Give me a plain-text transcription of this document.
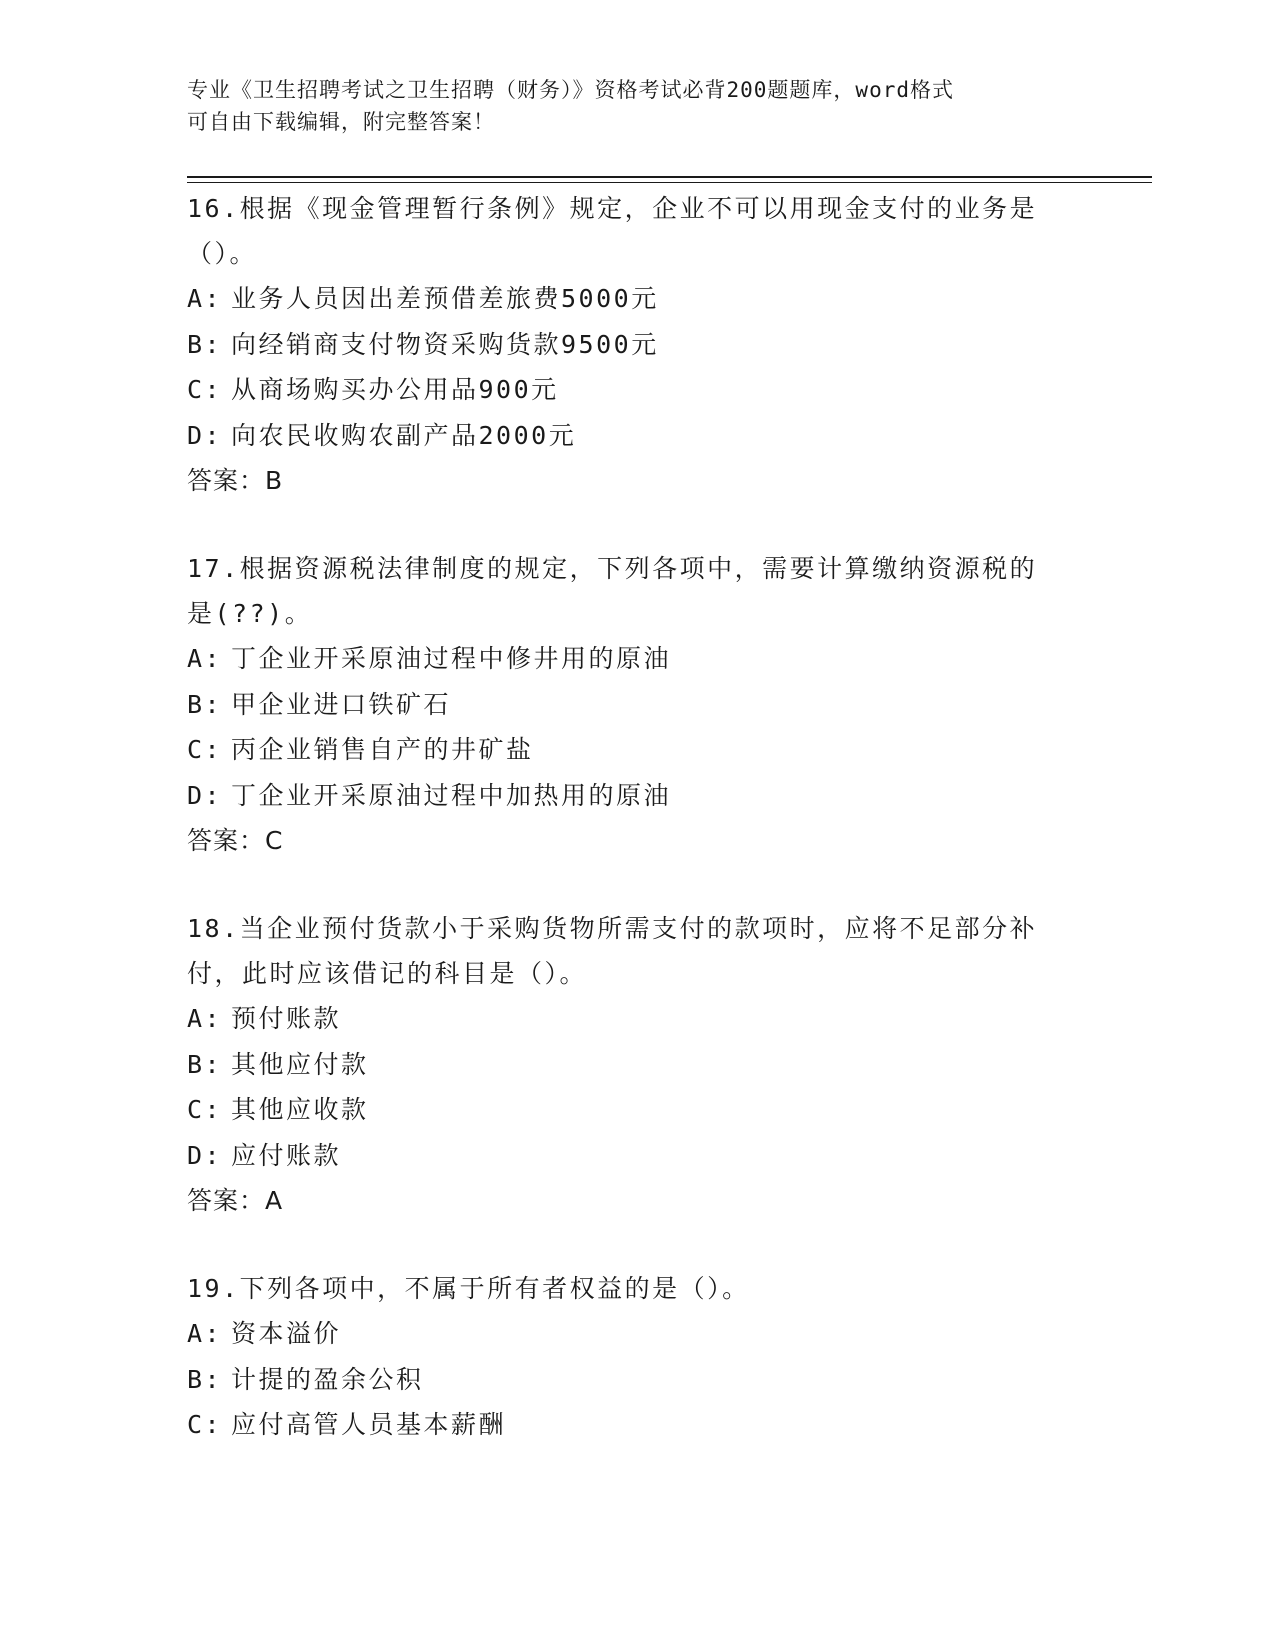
专业《卫生招聘考试之卫生招聘（财务）》资格考试必背200题题库，word格式
可自由下载编辑，附完整答案！

16.根据《现金管理暂行条例》规定，企业不可以用现金支付的业务是

（）。

A: 业务人员因出差预借差旅费5000元

B: 向经销商支付物资采购货款9500元

C: 从商场购买办公用品900元

D: 向农民收购农副产品2000元

答案：B

17.根据资源税法律制度的规定，下列各项中，需要计算缴纳资源税的

是(??)。

A: 丁企业开采原油过程中修井用的原油

B: 甲企业进口铁矿石

C: 丙企业销售自产的井矿盐

D: 丁企业开采原油过程中加热用的原油

答案：C

18.当企业预付货款小于采购货物所需支付的款项时，应将不足部分补

付，此时应该借记的科目是（）。

A: 预付账款

B: 其他应付款

C: 其他应收款

D: 应付账款

答案：A

19.下列各项中，不属于所有者权益的是（）。

A: 资本溢价

B: 计提的盈余公积

C: 应付高管人员基本薪酬
